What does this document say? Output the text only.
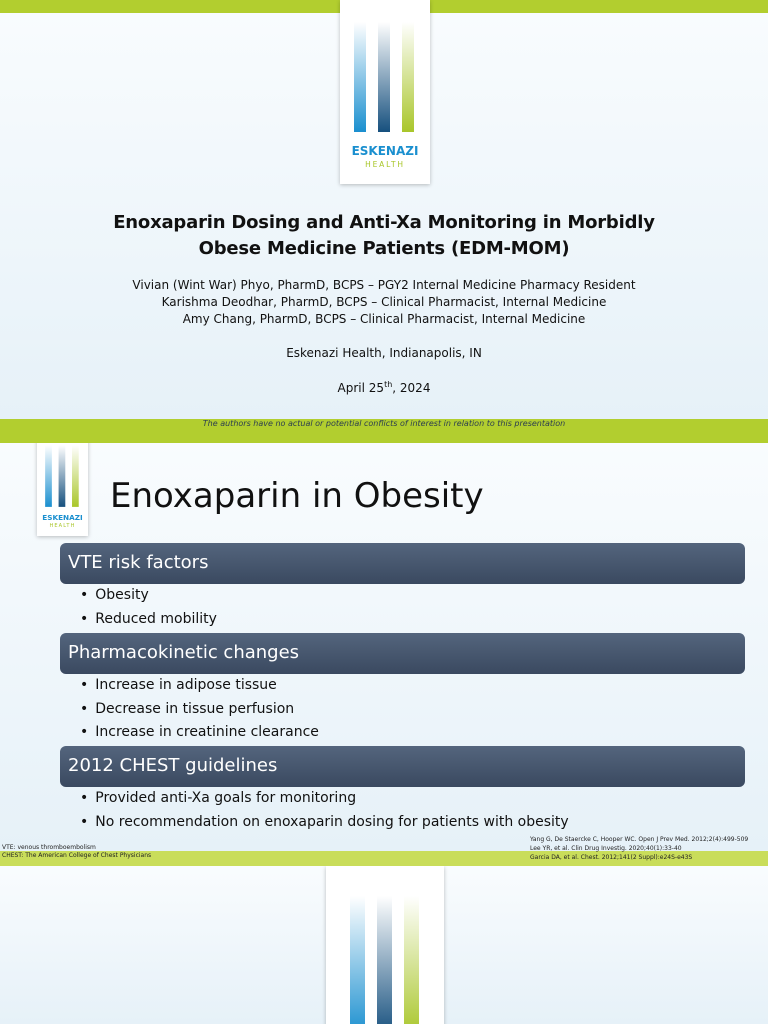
ESKENAZI
HEALTH
Enoxaparin Dosing and Anti-Xa Monitoring in Morbidly
Obese Medicine Patients (EDM-MOM)
Vivian (Wint War) Phyo, PharmD, BCPS – PGY2 Internal Medicine Pharmacy Resident
Karishma Deodhar, PharmD, BCPS – Clinical Pharmacist, Internal Medicine
Amy Chang, PharmD, BCPS – Clinical Pharmacist, Internal Medicine
Eskenazi Health, Indianapolis, IN
April 25th, 2024
The authors have no actual or potential conflicts of interest in relation to this presentation
ESKENAZI
HEALTH
Enoxaparin in Obesity
VTE risk factors
• Obesity
• Reduced mobility
Pharmacokinetic changes
• Increase in adipose tissue
• Decrease in tissue perfusion
• Increase in creatinine clearance
2012 CHEST guidelines
• Provided anti-Xa goals for monitoring
• No recommendation on enoxaparin dosing for patients with obesity
Yang G, De Staercke C, Hooper WC. Open J Prev Med. 2012;2(4):499-509
VTE: venous thromboembolism
CHEST: The American College of Chest Physicians
Lee YR, et al. Clin Drug Investig. 2020;40(1):33-40
Garcia DA, et al. Chest. 2012;141(2 Suppl):e24S-e43S
